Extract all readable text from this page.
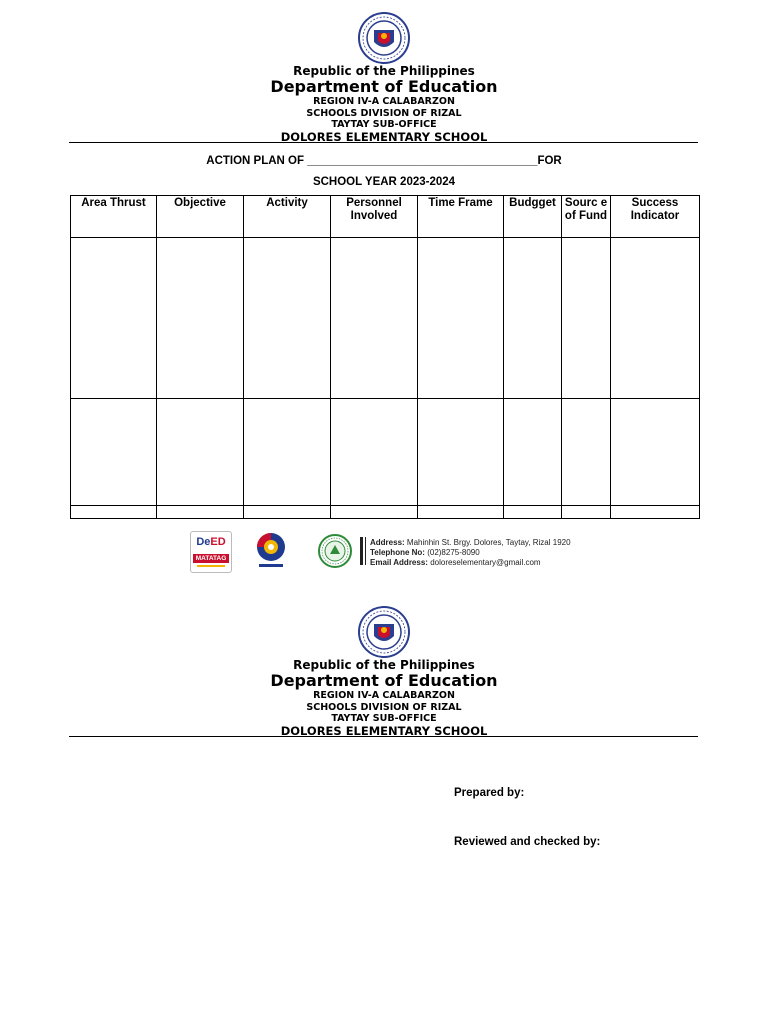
Republic of the Philippines
Department of Education
REGION IV-A CALABARZON
SCHOOLS DIVISION OF RIZAL
TAYTAY SUB-OFFICE
DOLORES ELEMENTARY SCHOOL
ACTION PLAN OF ____________________________________FOR
SCHOOL YEAR 2023-2024
Area Thrust	Objective	Activity	Personnel Involved	Time Frame	Budgget	Sourc e of Fund	Success Indicator

DeED
MATATAG
Address: Mahinhin St. Brgy. Dolores, Taytay, Rizal 1920
Telephone No: (02)8275-8090
Email Address: doloreselementary@gmail.com
Republic of the Philippines
Department of Education
REGION IV-A CALABARZON
SCHOOLS DIVISION OF RIZAL
TAYTAY SUB-OFFICE
DOLORES ELEMENTARY SCHOOL
Prepared by:
Reviewed and checked by:
